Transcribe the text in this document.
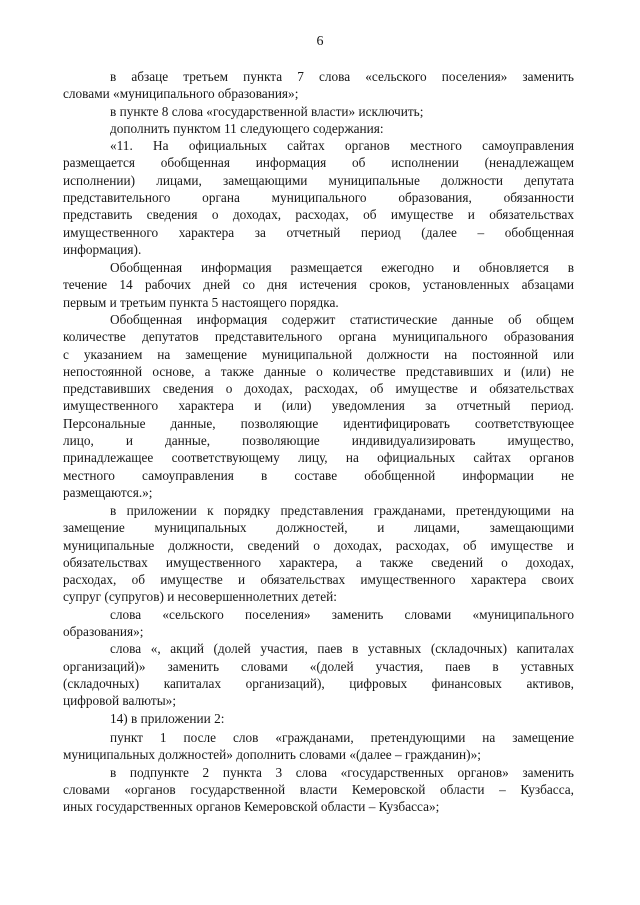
6

в абзаце третьем пункта 7 слова «сельского поселения» заменить
словами «муниципального образования»;
в пункте 8 слова «государственной власти» исключить;
дополнить пунктом 11 следующего содержания:
«11. На официальных сайтах органов местного самоуправления
размещается обобщенная информация об исполнении (ненадлежащем
исполнении) лицами, замещающими муниципальные должности депутата
представительного органа муниципального образования, обязанности
представить сведения о доходах, расходах, об имуществе и обязательствах
имущественного характера за отчетный период (далее – обобщенная
информация).

Обобщенная информация размещается ежегодно и обновляется в
течение 14 рабочих дней со дня истечения сроков, установленных абзацами
первым и третьим пункта 5 настоящего порядка.

Обобщенная информация содержит статистические данные об общем
количестве депутатов представительного органа муниципального образования
с указанием на замещение муниципальной должности на постоянной или
непостоянной основе, а также данные о количестве представивших и (или) не
представивших сведения о доходах, расходах, об имуществе и обязательствах
имущественного характера и (или) уведомления за отчетный период.
Персональные данные, позволяющие идентифицировать соответствующее
лицо, и данные, позволяющие индивидуализировать имущество,
принадлежащее соответствующему лицу, на официальных сайтах органов
местного самоуправления в составе обобщенной информации не
размещаются.»;

в приложении к порядку представления гражданами, претендующими на
замещение муниципальных должностей, и лицами, замещающими
муниципальные должности, сведений о доходах, расходах, об имуществе и
обязательствах имущественного характера, а также сведений о доходах,
расходах, об имуществе и обязательствах имущественного характера своих
супруг (супругов) и несовершеннолетних детей:
слова «сельского поселения» заменить словами «муниципального
образования»;
слова «, акций (долей участия, паев в уставных (складочных) капиталах
организаций)» заменить словами «(долей участия, паев в уставных
(складочных) капиталах организаций), цифровых финансовых активов,
цифровой валюты»;

14) в приложении 2:

пункт 1 после слов «гражданами, претендующими на замещение
муниципальных должностей» дополнить словами «(далее – гражданин)»;
в подпункте 2 пункта 3 слова «государственных органов» заменить
словами «органов государственной власти Кемеровской области – Кузбасса,
иных государственных органов Кемеровской области – Кузбасса»;
